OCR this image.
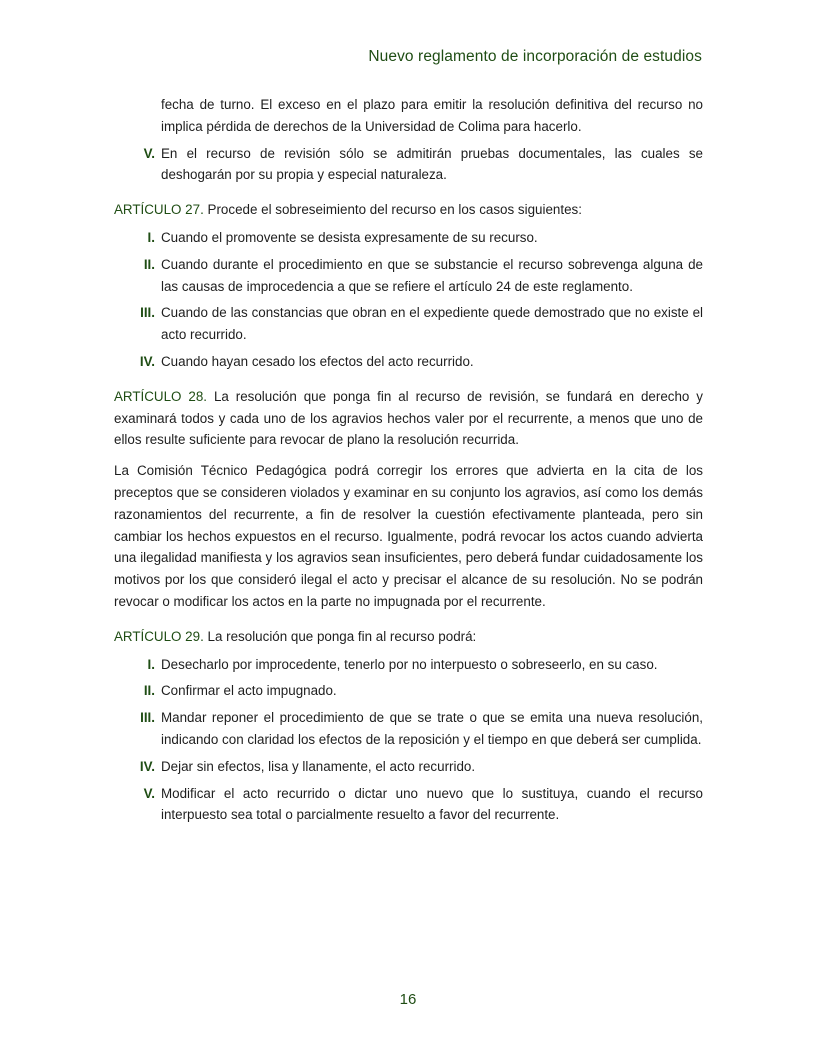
Nuevo reglamento de incorporación de estudios
fecha de turno. El exceso en el plazo para emitir la resolución definitiva del recurso no implica pérdida de derechos de la Universidad de Colima para hacerlo.
V. En el recurso de revisión sólo se admitirán pruebas documentales, las cuales se deshogarán por su propia y especial naturaleza.

ARTÍCULO 27. Procede el sobreseimiento del recurso en los casos siguientes:

I. Cuando el promovente se desista expresamente de su recurso.
II. Cuando durante el procedimiento en que se substancie el recurso sobrevenga alguna de las causas de improcedencia a que se refiere el artículo 24 de este reglamento.
III. Cuando de las constancias que obran en el expediente quede demostrado que no existe el acto recurrido.
IV. Cuando hayan cesado los efectos del acto recurrido.

ARTÍCULO 28. La resolución que ponga fin al recurso de revisión, se fundará en derecho y examinará todos y cada uno de los agravios hechos valer por el recurrente, a menos que uno de ellos resulte suficiente para revocar de plano la resolución recurrida.

La Comisión Técnico Pedagógica podrá corregir los errores que advierta en la cita de los preceptos que se consideren violados y examinar en su conjunto los agravios, así como los demás razonamientos del recurrente, a fin de resolver la cuestión efectivamente planteada, pero sin cambiar los hechos expuestos en el recurso. Igualmente, podrá revocar los actos cuando advierta una ilegalidad manifiesta y los agravios sean insuficientes, pero deberá fundar cuidadosamente los motivos por los que consideró ilegal el acto y precisar el alcance de su resolución. No se podrán revocar o modificar los actos en la parte no impugnada por el recurrente.

ARTÍCULO 29. La resolución que ponga fin al recurso podrá:

I. Desecharlo por improcedente, tenerlo por no interpuesto o sobreseerlo, en su caso.
II. Confirmar el acto impugnado.
III. Mandar reponer el procedimiento de que se trate o que se emita una nueva resolución, indicando con claridad los efectos de la reposición y el tiempo en que deberá ser cumplida.
IV. Dejar sin efectos, lisa y llanamente, el acto recurrido.
V. Modificar el acto recurrido o dictar uno nuevo que lo sustituya, cuando el recurso interpuesto sea total o parcialmente resuelto a favor del recurrente.
16
